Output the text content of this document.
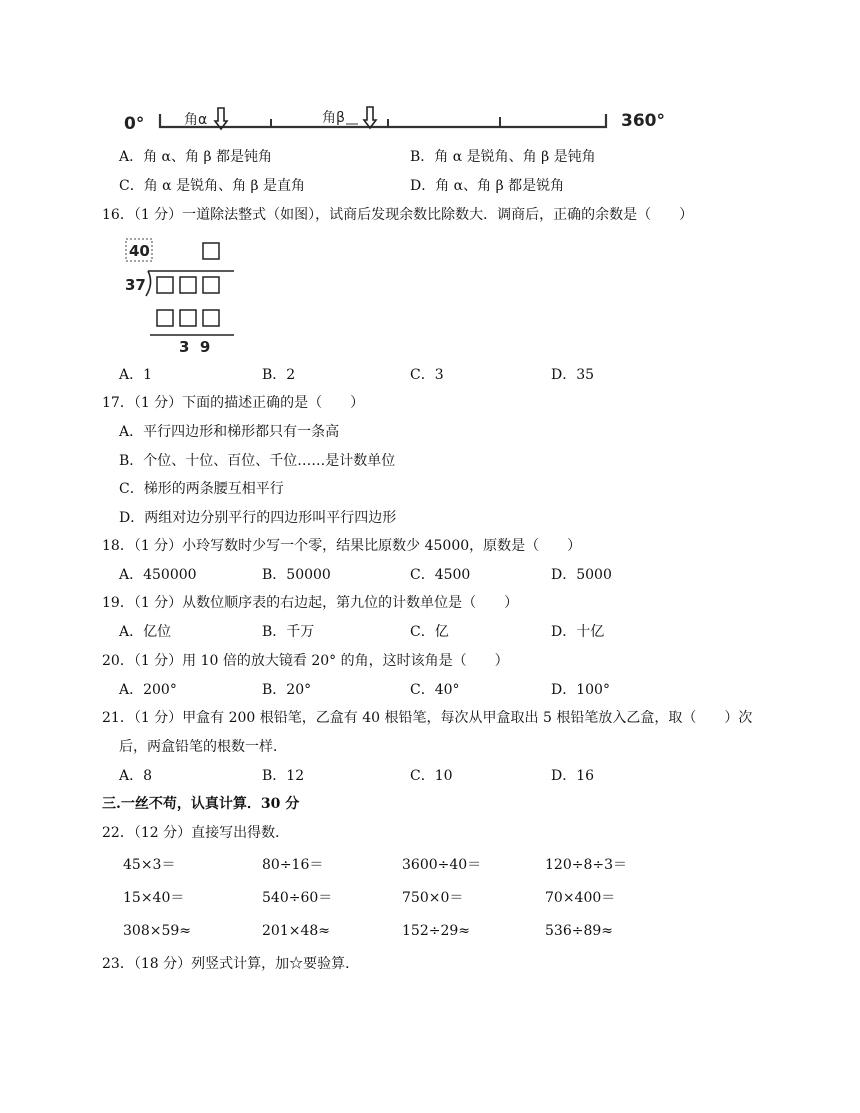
0°	角α	角β	360°
A．角 α、角 β 都是钝角	B．角 α 是锐角、角 β 是钝角
C．角 α 是锐角、角 β 是直角	D．角 α、角 β 都是锐角
16．（1 分）一道除法整式（如图），试商后发现余数比除数大．调商后，正确的余数是（　　）
40
37
3  9
A．1	B．2	C．3	D．35
17．（1 分）下面的描述正确的是（　　）
A．平行四边形和梯形都只有一条高
B．个位、十位、百位、千位……是计数单位
C．梯形的两条腰互相平行
D．两组对边分别平行的四边形叫平行四边形
18．（1 分）小玲写数时少写一个零，结果比原数少 45000，原数是（　　）
A．450000	B．50000	C．4500	D．5000
19．（1 分）从数位顺序表的右边起，第九位的计数单位是（　　）
A．亿位	B．千万	C．亿	D．十亿
20．（1 分）用 10 倍的放大镜看 20° 的角，这时该角是（　　）
A．200°	B．20°	C．40°	D．100°
21．（1 分）甲盒有 200 根铅笔，乙盒有 40 根铅笔，每次从甲盒取出 5 根铅笔放入乙盒，取（　　）次
后，两盒铅笔的根数一样．
A．8	B．12	C．10	D．16
三.一丝不苟，认真计算．30 分
22．（12 分）直接写出得数．
45×3＝	80÷16＝	3600÷40＝	120÷8÷3＝
15×40＝	540÷60＝	750×0＝	70×400＝
308×59≈	201×48≈	152÷29≈	536÷89≈
23．（18 分）列竖式计算，加☆要验算．
